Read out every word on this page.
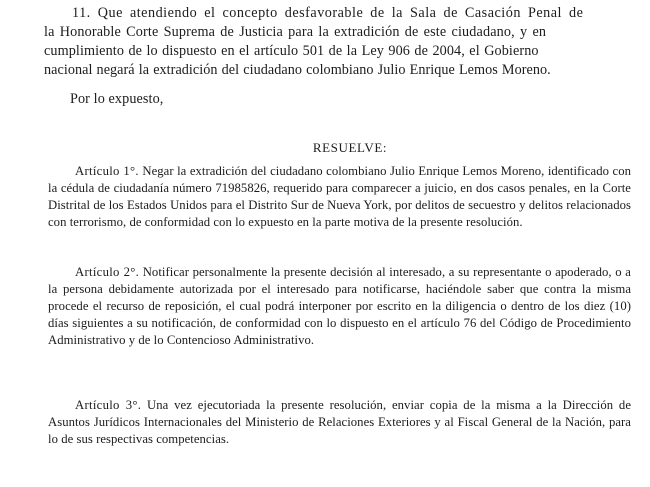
11. Que atendiendo el concepto desfavorable de la Sala de Casación Penal de
la Honorable Corte Suprema de Justicia para la extradición de este ciudadano, y en
cumplimiento de lo dispuesto en el artículo 501 de la Ley 906 de 2004, el Gobierno
nacional negará la extradición del ciudadano colombiano Julio Enrique Lemos Moreno.
Por lo expuesto,
RESUELVE:

Artículo 1°. Negar la extradición del ciudadano colombiano Julio Enrique Lemos Moreno, identificado con la cédula de ciudadanía número 71985826, requerido para comparecer a juicio, en dos casos penales, en la Corte Distrital de los Estados Unidos para el Distrito Sur de Nueva York, por delitos de secuestro y delitos relacionados con terrorismo, de conformidad con lo expuesto en la parte motiva de la presente resolución.

Artículo 2°. Notificar personalmente la presente decisión al interesado, a su representante o apoderado, o a la persona debidamente autorizada por el interesado para notificarse, haciéndole saber que contra la misma procede el recurso de reposición, el cual podrá interponer por escrito en la diligencia o dentro de los diez (10) días siguientes a su notificación, de conformidad con lo dispuesto en el artículo 76 del Código de Procedimiento Administrativo y de lo Contencioso Administrativo.

Artículo 3°. Una vez ejecutoriada la presente resolución, enviar copia de la misma a la Dirección de Asuntos Jurídicos Internacionales del Ministerio de Relaciones Exteriores y al Fiscal General de la Nación, para lo de sus respectivas competencias.
